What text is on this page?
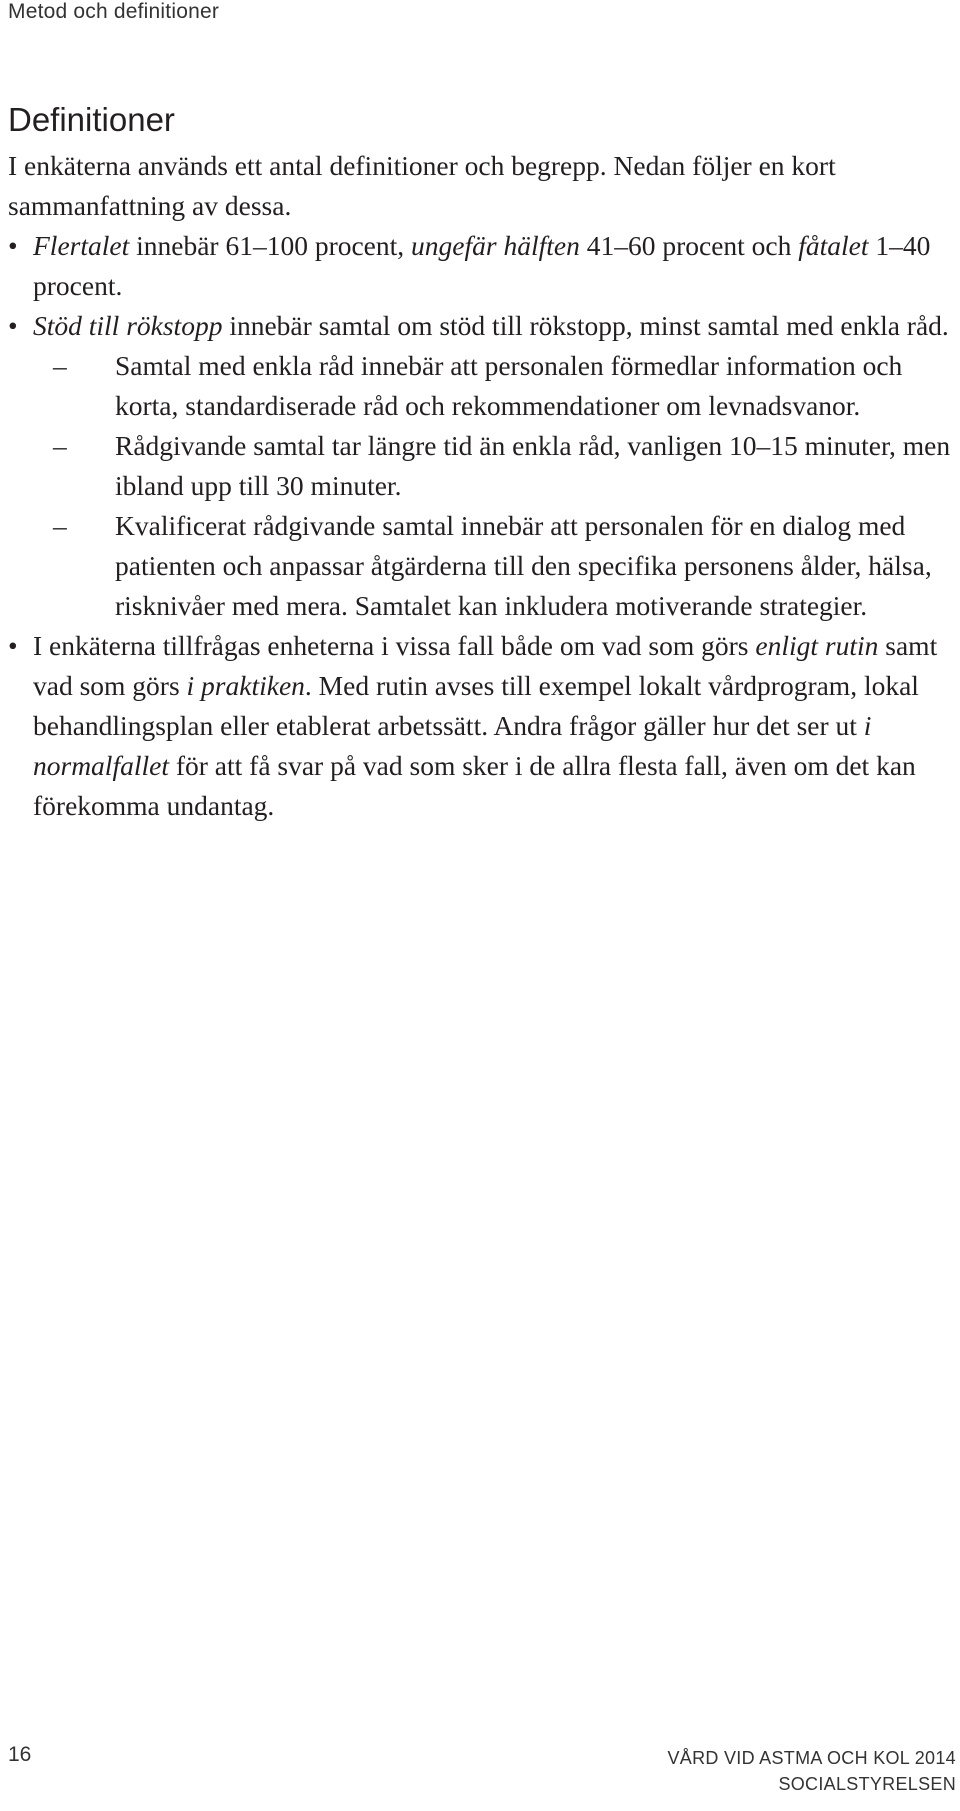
Metod och definitioner
Definitioner

I enkäterna används ett antal definitioner och begrepp. Nedan följer en kort sammanfattning av dessa.

• Flertalet innebär 61–100 procent, ungefär hälften 41–60 procent och fåtalet 1–40 procent.
• Stöd till rökstopp innebär samtal om stöd till rökstopp, minst samtal med enkla råd.
–	Samtal med enkla råd innebär att personalen förmedlar information och korta, standardiserade råd och rekommendationer om levnadsvanor.
–	Rådgivande samtal tar längre tid än enkla råd, vanligen 10–15 minuter, men ibland upp till 30 minuter.
–	Kvalificerat rådgivande samtal innebär att personalen för en dialog med patienten och anpassar åtgärderna till den specifika personens ålder, hälsa, risknivåer med mera. Samtalet kan inkludera motiverande strategier.
• I enkäterna tillfrågas enheterna i vissa fall både om vad som görs enligt rutin samt vad som görs i praktiken. Med rutin avses till exempel lokalt vårdprogram, lokal behandlingsplan eller etablerat arbetssätt. Andra frågor gäller hur det ser ut i normalfallet för att få svar på vad som sker i de allra flesta fall, även om det kan förekomma undantag.
16	VÅRD VID ASTMA OCH KOL 2014
SOCIALSTYRELSEN
